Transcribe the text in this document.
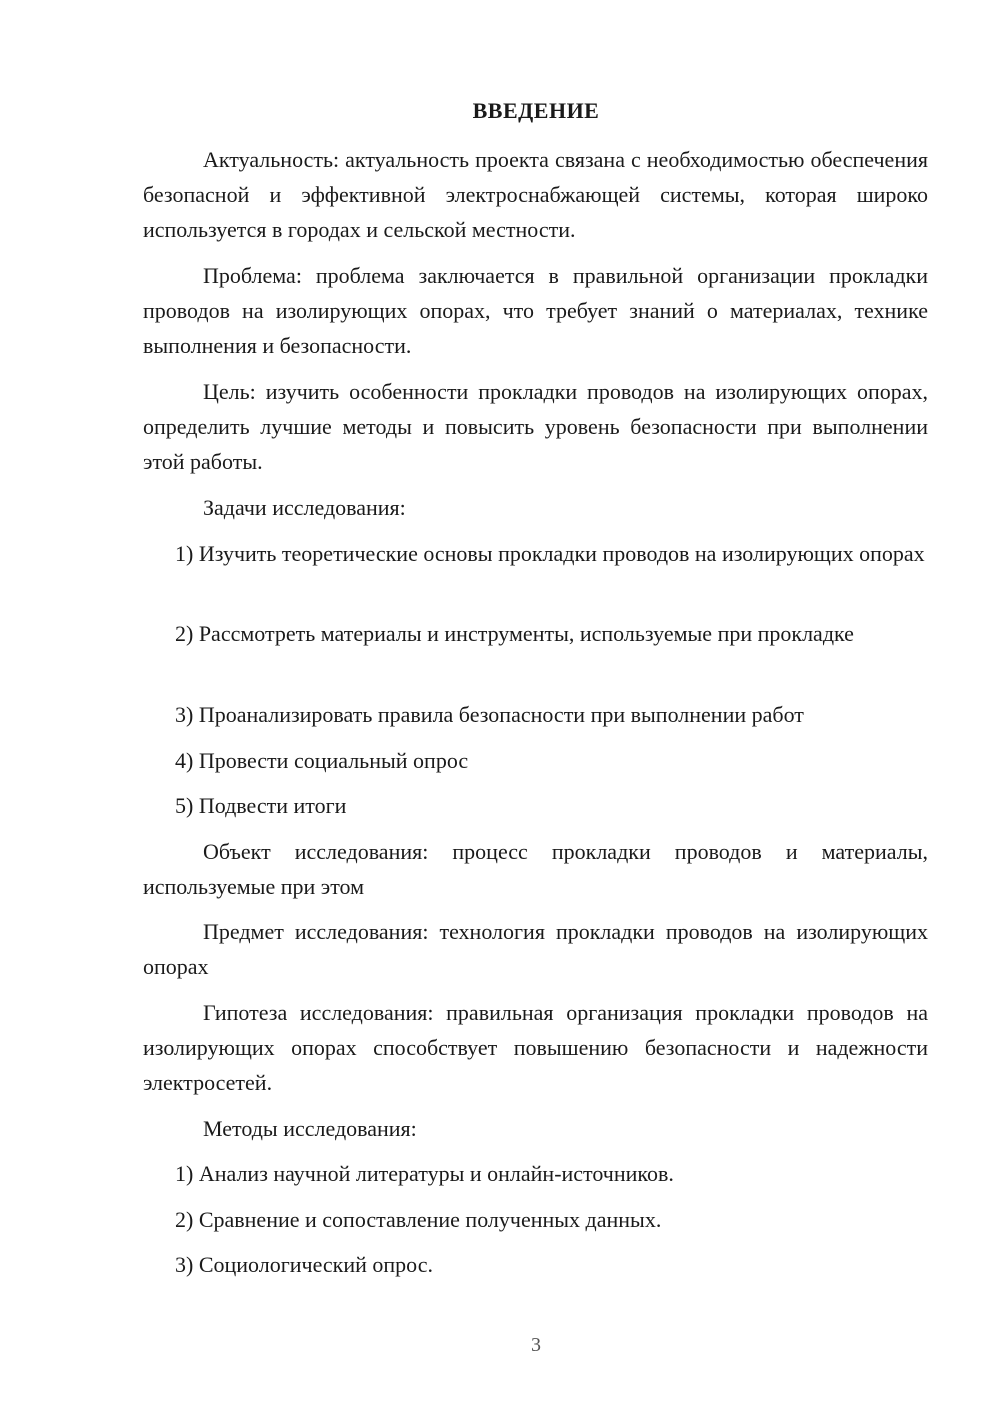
ВВЕДЕНИЕ

Актуальность: актуальность проекта связана с необходимостью обеспечения безопасной и эффективной электроснабжающей системы, которая широко используется в городах и сельской местности.

Проблема: проблема заключается в правильной организации прокладки проводов на изолирующих опорах, что требует знаний о материалах, технике выполнения и безопасности.

Цель: изучить особенности прокладки проводов на изолирующих опорах, определить лучшие методы и повысить уровень безопасности при выполнении этой работы.

Задачи исследования:

1) Изучить теоретические основы прокладки проводов на изолирующих опорах

2) Рассмотреть материалы и инструменты, используемые при прокладке

3) Проанализировать правила безопасности при выполнении работ

4) Провести социальный опрос

5) Подвести итоги

Объект исследования: процесс прокладки проводов и материалы, используемые при этом

Предмет исследования: технология прокладки проводов на изолирующих опорах

Гипотеза исследования: правильная организация прокладки проводов на изолирующих опорах способствует повышению безопасности и надежности электросетей.

Методы исследования:

1) Анализ научной литературы и онлайн-источников.

2) Сравнение и сопоставление полученных данных.

3) Социологический опрос.

3
